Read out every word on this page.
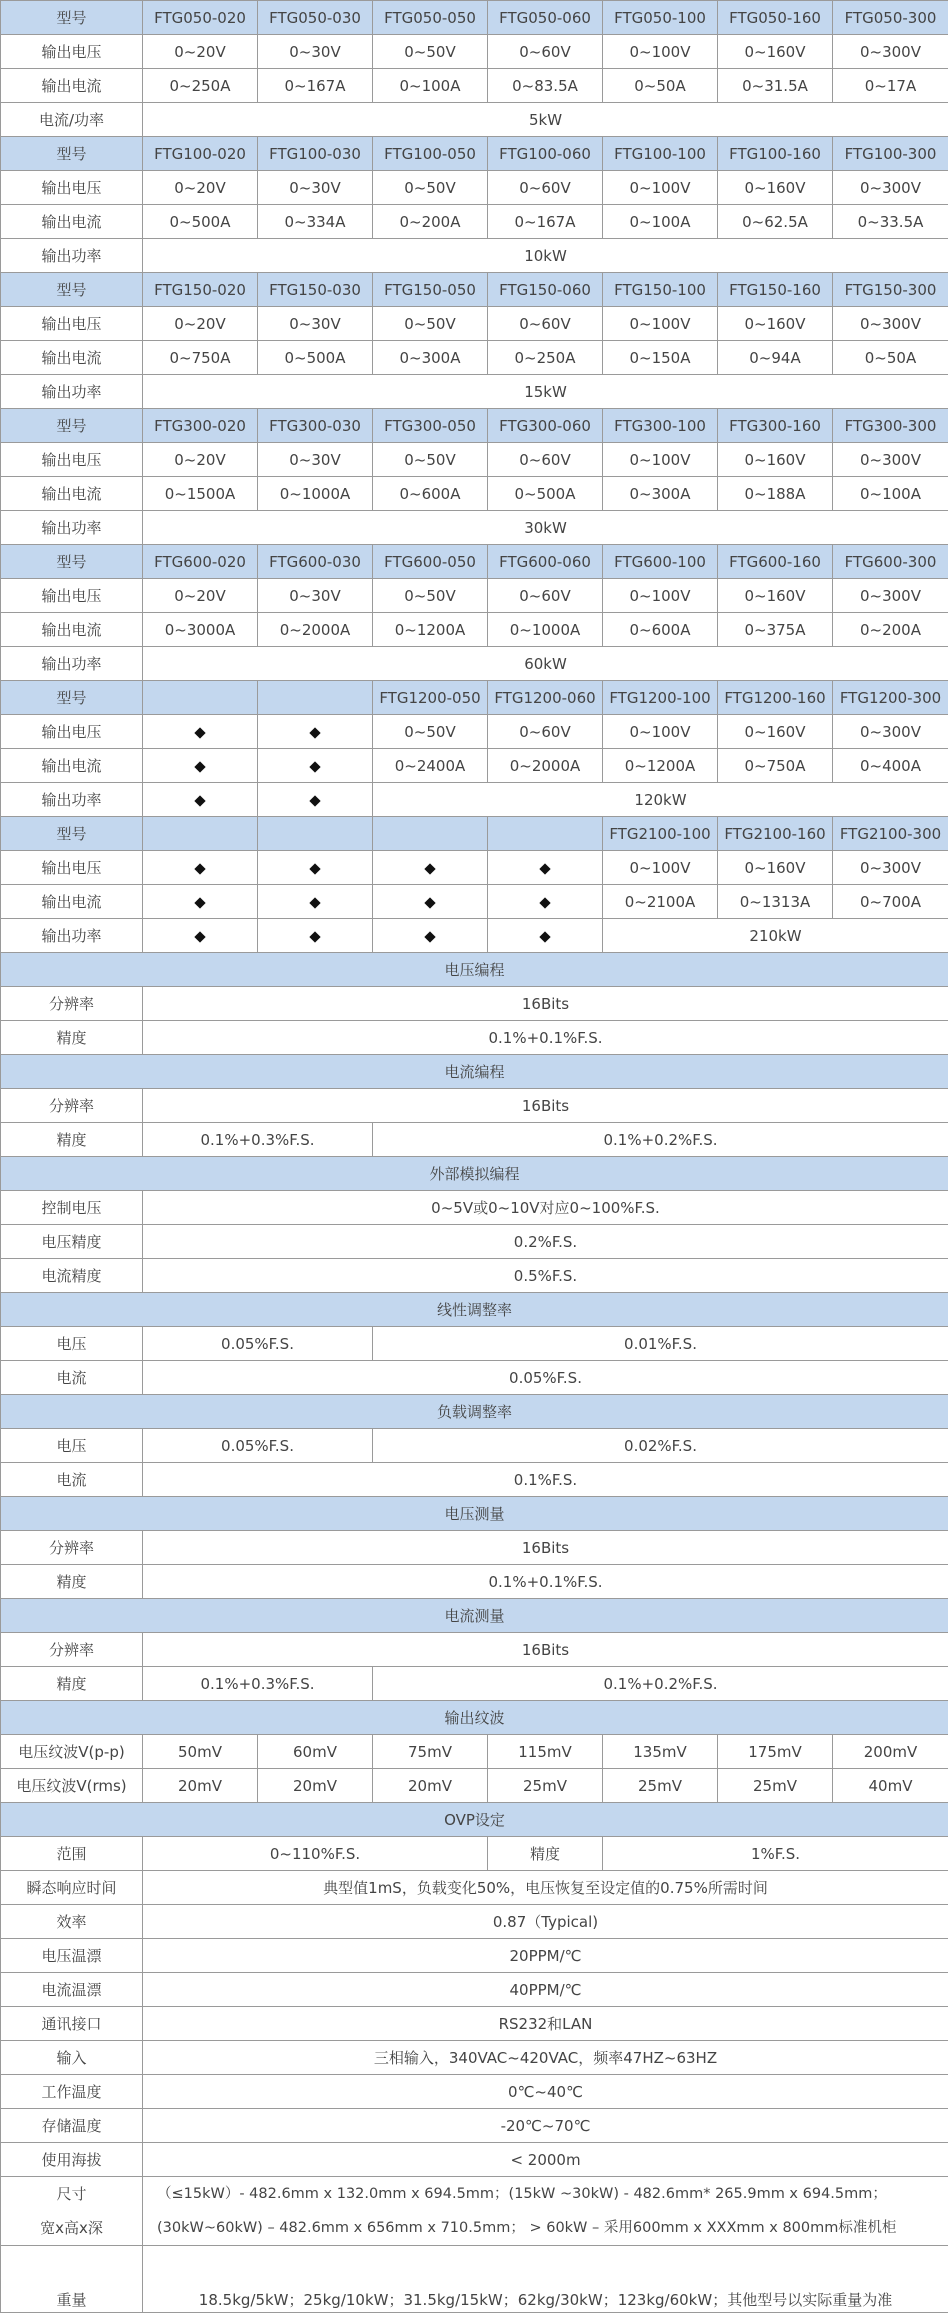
型号	FTG050-020	FTG050-030	FTG050-050	FTG050-060	FTG050-100	FTG050-160	FTG050-300
输出电压	0~20V	0~30V	0~50V	0~60V	0~100V	0~160V	0~300V
输出电流	0~250A	0~167A	0~100A	0~83.5A	0~50A	0~31.5A	0~17A
电流/功率	5kW						
型号	FTG100-020	FTG100-030	FTG100-050	FTG100-060	FTG100-100	FTG100-160	FTG100-300
输出电压	0~20V	0~30V	0~50V	0~60V	0~100V	0~160V	0~300V
输出电流	0~500A	0~334A	0~200A	0~167A	0~100A	0~62.5A	0~33.5A
输出功率	10kW						
型号	FTG150-020	FTG150-030	FTG150-050	FTG150-060	FTG150-100	FTG150-160	FTG150-300
输出电压	0~20V	0~30V	0~50V	0~60V	0~100V	0~160V	0~300V
输出电流	0~750A	0~500A	0~300A	0~250A	0~150A	0~94A	0~50A
输出功率	15kW						
型号	FTG300-020	FTG300-030	FTG300-050	FTG300-060	FTG300-100	FTG300-160	FTG300-300
输出电压	0~20V	0~30V	0~50V	0~60V	0~100V	0~160V	0~300V
输出电流	0~1500A	0~1000A	0~600A	0~500A	0~300A	0~188A	0~100A
输出功率	30kW						
型号	FTG600-020	FTG600-030	FTG600-050	FTG600-060	FTG600-100	FTG600-160	FTG600-300
输出电压	0~20V	0~30V	0~50V	0~60V	0~100V	0~160V	0~300V
输出电流	0~3000A	0~2000A	0~1200A	0~1000A	0~600A	0~375A	0~200A
输出功率	60kW						
型号			FTG1200-050	FTG1200-060	FTG1200-100	FTG1200-160	FTG1200-300
输出电压			0~50V	0~60V	0~100V	0~160V	0~300V
输出电流			0~2400A	0~2000A	0~1200A	0~750A	0~400A
输出功率			120kW				
型号					FTG2100-100	FTG2100-160	FTG2100-300
输出电压					0~100V	0~160V	0~300V
输出电流					0~2100A	0~1313A	0~700A
输出功率					210kW		
电压编程							
分辨率	16Bits						
精度	0.1%+0.1%F.S.						
电流编程							
分辨率	16Bits						
精度	0.1%+0.3%F.S.		0.1%+0.2%F.S.				
外部模拟编程							
控制电压	0~5V或0~10V对应0~100%F.S.						
电压精度	0.2%F.S.						
电流精度	0.5%F.S.						
线性调整率							
电压	0.05%F.S.		0.01%F.S.				
电流	0.05%F.S.						
负载调整率							
电压	0.05%F.S.		0.02%F.S.				
电流	0.1%F.S.						
电压测量							
分辨率	16Bits						
精度	0.1%+0.1%F.S.						
电流测量							
分辨率	16Bits						
精度	0.1%+0.3%F.S.		0.1%+0.2%F.S.				
输出纹波							
电压纹波V(p-p)	50mV	60mV	75mV	115mV	135mV	175mV	200mV
电压纹波V(rms)	20mV	20mV	20mV	25mV	25mV	25mV	40mV
OVP设定							
范围	0~110%F.S.			精度	1%F.S.		
瞬态响应时间	典型值1mS，负载变化50%，电压恢复至设定值的0.75%所需时间						
效率	0.87（Typical)						
电压温漂	20PPM/℃						
电流温漂	40PPM/℃						
通讯接口	RS232和LAN						
输入	三相输入，340VAC~420VAC，频率47HZ~63HZ						
工作温度	0℃~40℃						
存储温度	-20℃~70℃						
使用海拔	< 2000m						

尺寸
宽x高x深	（≤15kW）- 482.6mm x 132.0mm x 694.5mm；(15kW ~30kW) - 482.6mm* 265.9mm x 694.5mm；
(30kW~60kW) – 482.6mm x 656mm x 710.5mm； > 60kW – 采用600mm x XXXmm x 800mm标准机柜						

重量	18.5kg/5kW；25kg/10kW；31.5kg/15kW；62kg/30kW；123kg/60kW；其他型号以实际重量为准						
